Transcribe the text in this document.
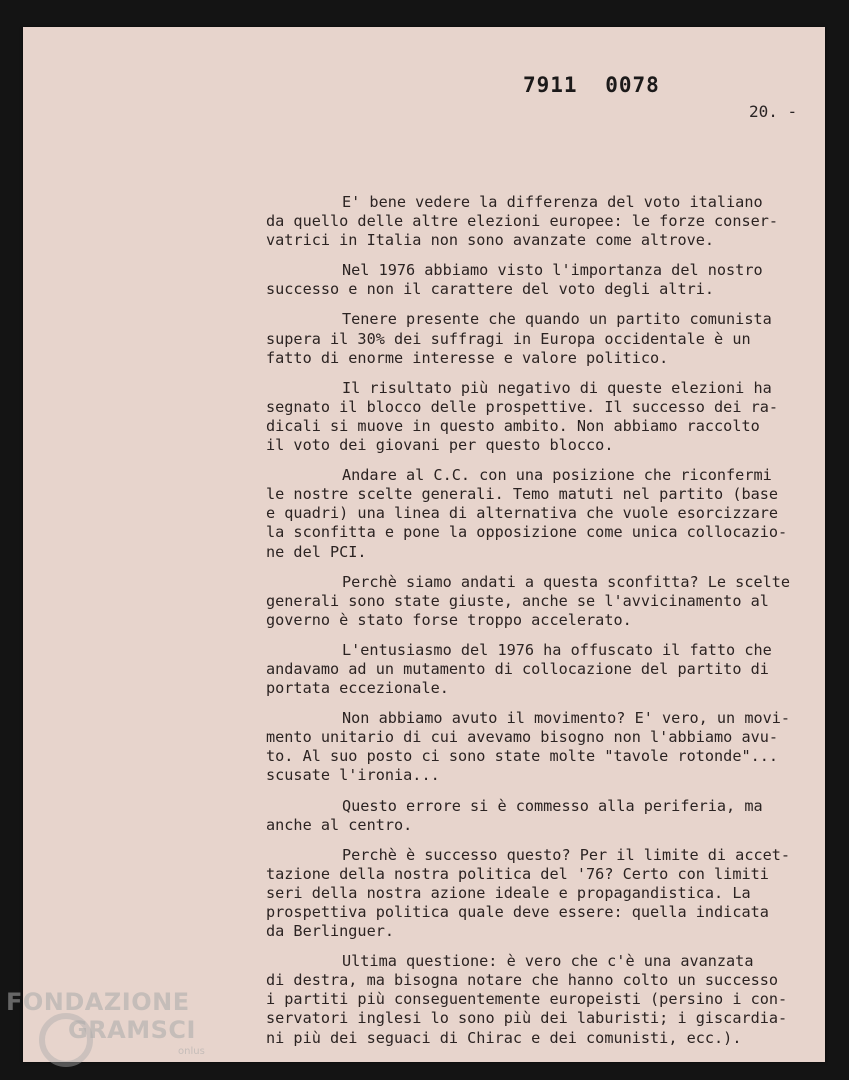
7911 0078
20. -
E' bene vedere la differenza del voto italiano
da quello delle altre elezioni europee: le forze conser-
vatrici in Italia non sono avanzate come altrove.
Nel 1976 abbiamo visto l'importanza del nostro
successo e non il carattere del voto degli altri.
Tenere presente che quando un partito comunista
supera il 30% dei suffragi in Europa occidentale è un
fatto di enorme interesse e valore politico.
Il risultato più negativo di queste elezioni ha
segnato il blocco delle prospettive. Il successo dei ra-
dicali si muove in questo ambito. Non abbiamo raccolto
il voto dei giovani per questo blocco.
Andare al C.C. con una posizione che riconfermi
le nostre scelte generali. Temo matuti nel partito (base
e quadri) una linea di alternativa che vuole esorcizzare
la sconfitta e pone la opposizione come unica collocazio-
ne del PCI.
Perchè siamo andati a questa sconfitta? Le scelte
generali sono state giuste, anche se l'avvicinamento al
governo è stato forse troppo accelerato.
L'entusiasmo del 1976 ha offuscato il fatto che
andavamo ad un mutamento di collocazione del partito di
portata eccezionale.
Non abbiamo avuto il movimento? E' vero, un movi-
mento unitario di cui avevamo bisogno non l'abbiamo avu-
to. Al suo posto ci sono state molte "tavole rotonde"...
scusate l'ironia...
Questo errore si è commesso alla periferia, ma
anche al centro.
Perchè è successo questo? Per il limite di accet-
tazione della nostra politica del '76? Certo con limiti
seri della nostra azione ideale e propagandistica. La
prospettiva politica quale deve essere: quella indicata
da Berlinguer.
Ultima questione: è vero che c'è una avanzata
di destra, ma bisogna notare che hanno colto un successo
i partiti più conseguentemente europeisti (persino i con-
servatori inglesi lo sono più dei laburisti; i giscardia-
ni più dei seguaci di Chirac e dei comunisti, ecc.).
FONDAZIONE
GRAMSCI
onlus
